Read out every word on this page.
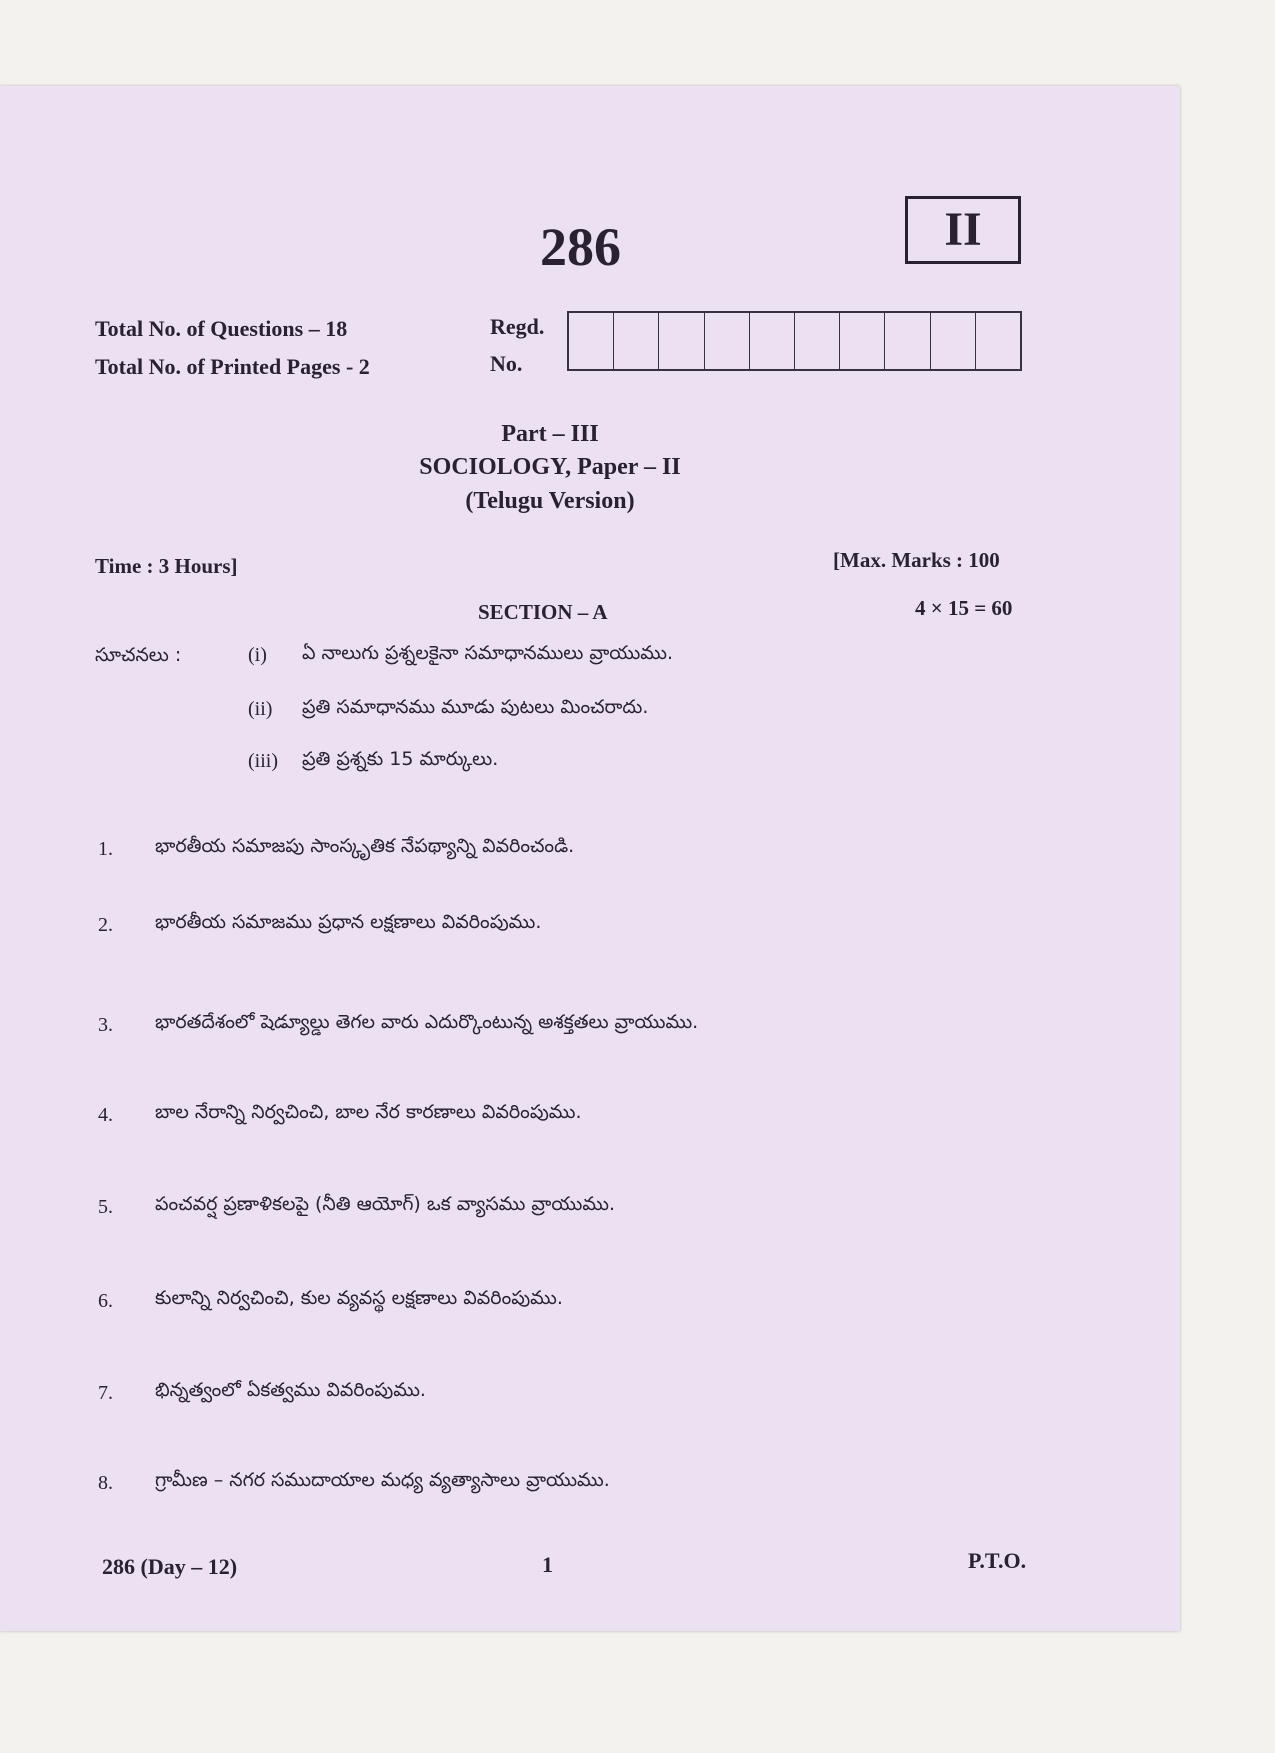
286	II
Total No. of Questions – 18
Total No. of Printed Pages - 2
Regd.
No.
Part – III
SOCIOLOGY, Paper – II
(Telugu Version)
Time : 3 Hours]	[Max. Marks : 100
SECTION – A	4 × 15 = 60
సూచనలు :	(i) ఏ నాలుగు ప్రశ్నలకైనా సమాధానములు వ్రాయుము.
(ii) ప్రతి సమాధానము మూడు పుటలు మించరాదు.
(iii) ప్రతి ప్రశ్నకు 15 మార్కులు.
1. భారతీయ సమాజపు సాంస్కృతిక నేపథ్యాన్ని వివరించండి.
2. భారతీయ సమాజము ప్రధాన లక్షణాలు వివరింపుము.
3. భారతదేశంలో షెడ్యూల్డు తెగల వారు ఎదుర్కొంటున్న అశక్తతలు వ్రాయుము.
4. బాల నేరాన్ని నిర్వచించి, బాల నేర కారణాలు వివరింపుము.
5. పంచవర్ష ప్రణాళికలపై (నీతి ఆయోగ్) ఒక వ్యాసము వ్రాయుము.
6. కులాన్ని నిర్వచించి, కుల వ్యవస్థ లక్షణాలు వివరింపుము.
7. భిన్నత్వంలో ఏకత్వము వివరింపుము.
8. గ్రామీణ – నగర సముదాయాల మధ్య వ్యత్యాసాలు వ్రాయుము.
286 (Day – 12)	1	P.T.O.
